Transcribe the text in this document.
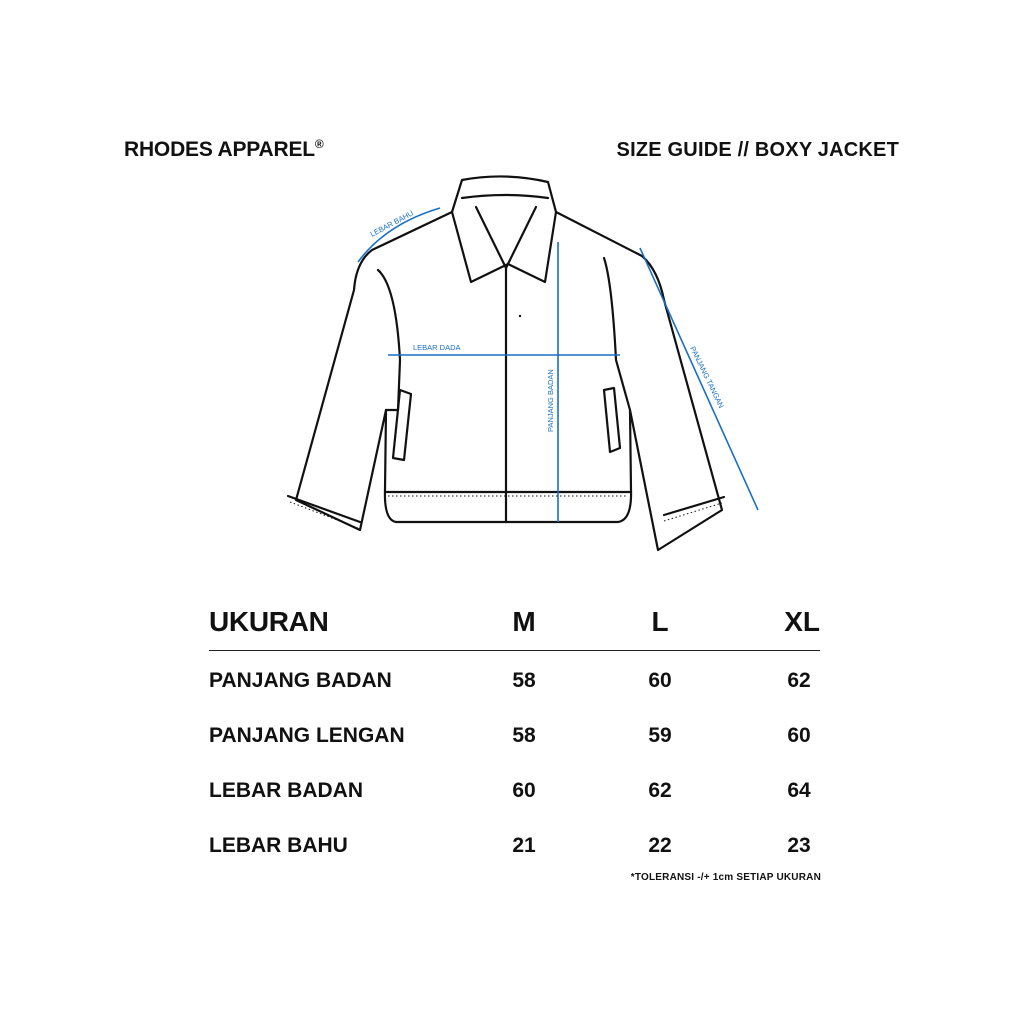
RHODES APPAREL®	SIZE GUIDE // BOXY JACKET
LEBAR BAHU
LEBAR DADA
PANJANG BADAN	PANJANG TANGAN
UKURAN	M	L	XL
PANJANG BADAN	58	60	62
PANJANG LENGAN	58	59	60
LEBAR BADAN	60	62	64
LEBAR BAHU	21	22	23
*TOLERANSI -/+ 1cm SETIAP UKURAN
